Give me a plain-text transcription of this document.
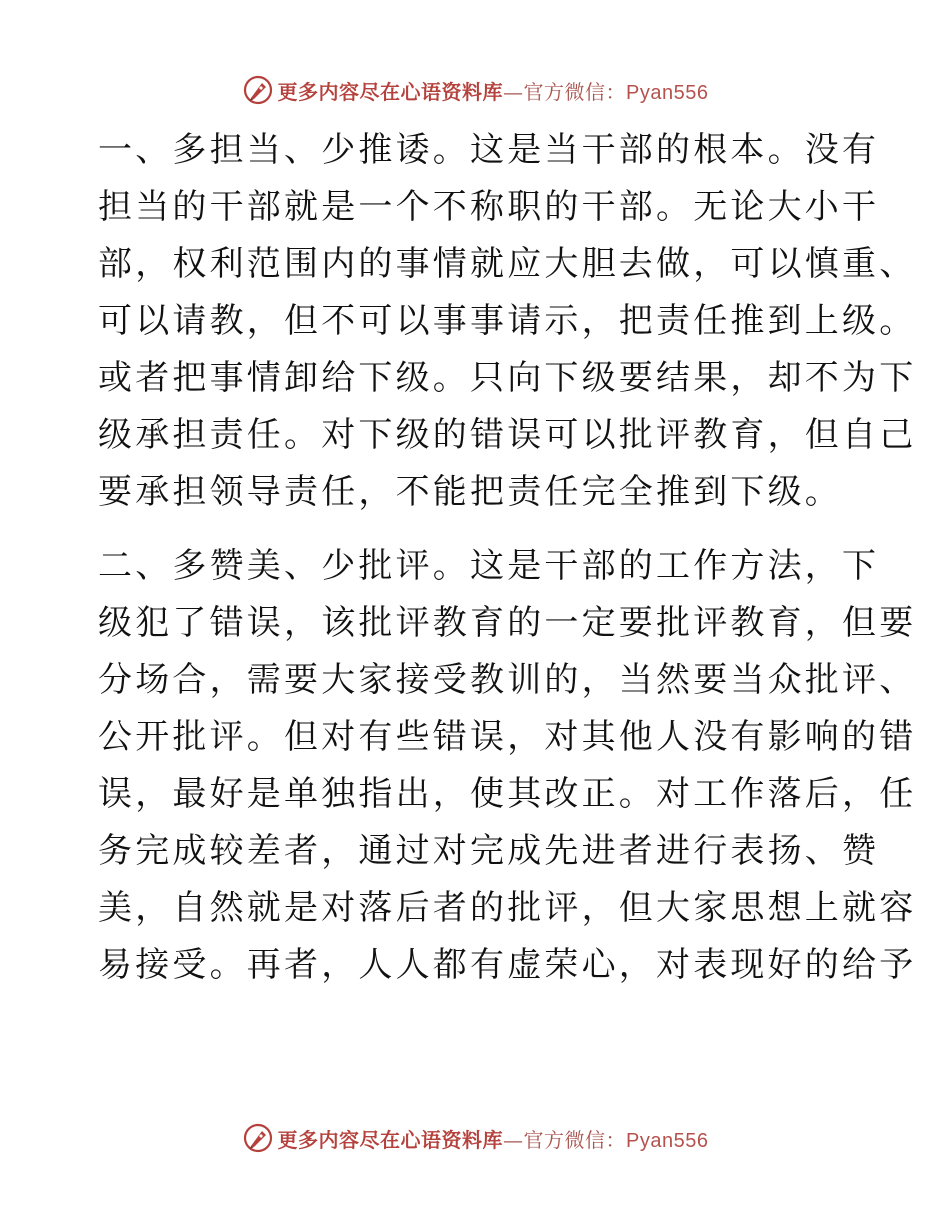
更多内容尽在心语资料库—官方微信：Pyan556

一、多担当、少推诿。这是当干部的根本。没有
担当的干部就是一个不称职的干部。无论大小干
部，权利范围内的事情就应大胆去做，可以慎重、
可以请教，但不可以事事请示，把责任推到上级。
或者把事情卸给下级。只向下级要结果，却不为下
级承担责任。对下级的错误可以批评教育，但自己
要承担领导责任，不能把责任完全推到下级。

二、多赞美、少批评。这是干部的工作方法，下
级犯了错误，该批评教育的一定要批评教育，但要
分场合，需要大家接受教训的，当然要当众批评、
公开批评。但对有些错误，对其他人没有影响的错
误，最好是单独指出，使其改正。对工作落后，任
务完成较差者，通过对完成先进者进行表扬、赞
美，自然就是对落后者的批评，但大家思想上就容
易接受。再者，人人都有虚荣心，对表现好的给予

更多内容尽在心语资料库—官方微信：Pyan556
